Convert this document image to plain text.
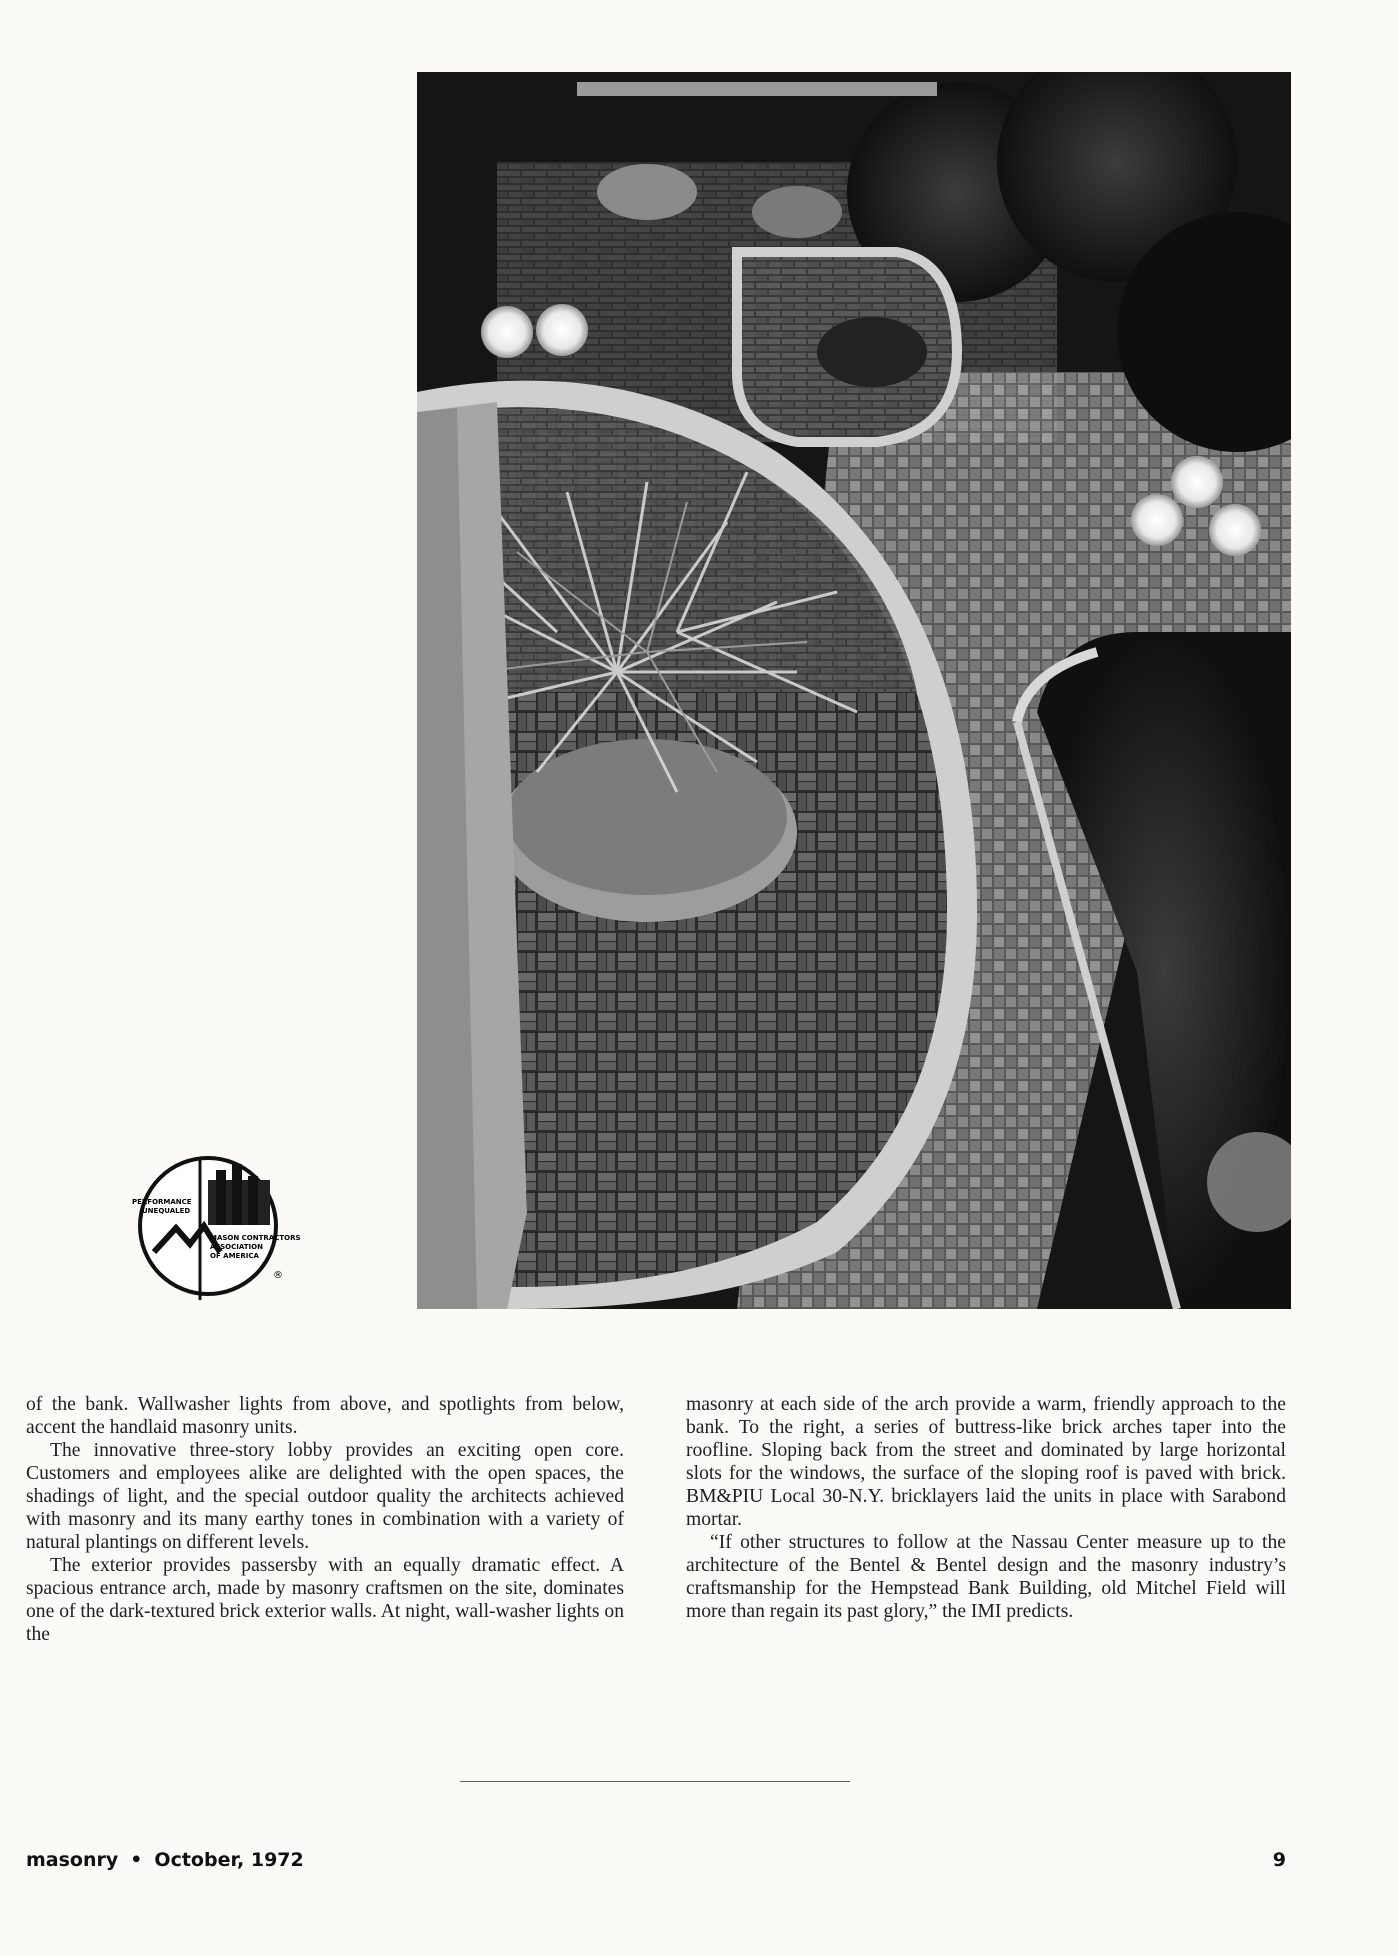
PERFORMANCE
UNEQUALED
MASON CONTRACTORS
ASSOCIATION
OF AMERICA
®

of the bank. Wallwasher lights from above, and spotlights from below, accent the handlaid masonry units.

The innovative three-story lobby provides an exciting open core. Customers and employees alike are delighted with the open spaces, the shadings of light, and the special outdoor quality the architects achieved with masonry and its many earthy tones in combination with a variety of natural plantings on different levels.

The exterior provides passersby with an equally dramatic effect. A spacious entrance arch, made by masonry craftsmen on the site, dominates one of the dark-textured brick exterior walls. At night, wall-washer lights on the

masonry at each side of the arch provide a warm, friendly approach to the bank. To the right, a series of buttress-like brick arches taper into the roofline. Sloping back from the street and dominated by large horizontal slots for the windows, the surface of the sloping roof is paved with brick. BM&PIU Local 30-N.Y. bricklayers laid the units in place with Sarabond mortar.

“If other structures to follow at the Nassau Center measure up to the architecture of the Bentel & Bentel design and the masonry industry’s craftsmanship for the Hempstead Bank Building, old Mitchel Field will more than regain its past glory,” the IMI predicts.

masonry • October, 1972	9
